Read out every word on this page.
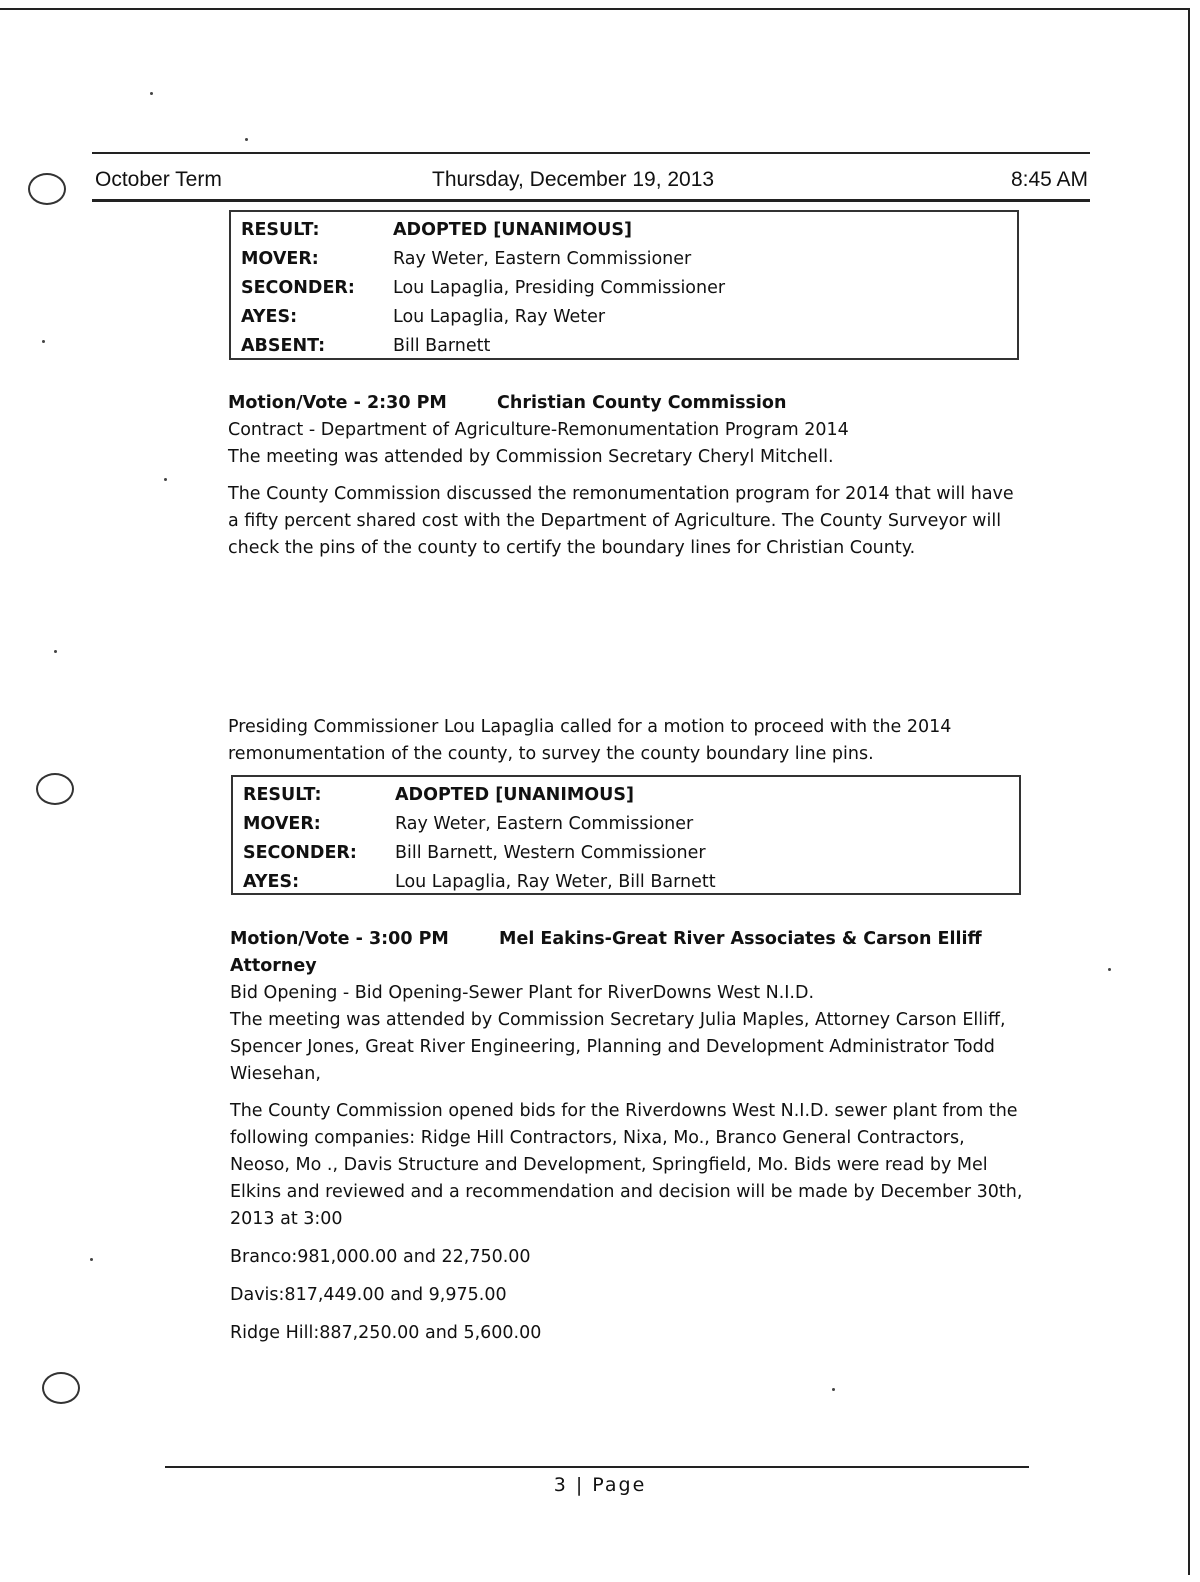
October Term	Thursday, December 19, 2013	8:45 AM
RESULT:	ADOPTED [UNANIMOUS]
MOVER:	Ray Weter, Eastern Commissioner
SECONDER: Lou Lapaglia, Presiding Commissioner
AYES:	Lou Lapaglia, Ray Weter
ABSENT:	Bill Barnett
Motion/Vote - 2:30 PM	Christian County Commission

Contract - Department of Agriculture-Remonumentation Program 2014

The meeting was attended by Commission Secretary Cheryl Mitchell.

The County Commission discussed the remonumentation program for 2014 that will have a fifty percent shared cost with the Department of Agriculture. The County Surveyor will check the pins of the county to certify the boundary lines for Christian County.

Presiding Commissioner Lou Lapaglia called for a motion to proceed with the 2014 remonumentation of the county, to survey the county boundary line pins.

RESULT:	ADOPTED [UNANIMOUS]
MOVER:	Ray Weter, Eastern Commissioner
SECONDER: Bill Barnett, Western Commissioner
AYES:	Lou Lapaglia, Ray Weter, Bill Barnett
Motion/Vote - 3:00 PM	Mel Eakins-Great River Associates & Carson Elliff
Attorney

Bid Opening - Bid Opening-Sewer Plant for RiverDowns West N.I.D.

The meeting was attended by Commission Secretary Julia Maples, Attorney Carson Elliff, Spencer Jones, Great River Engineering, Planning and Development Administrator Todd Wiesehan,

The County Commission opened bids for the Riverdowns West N.I.D. sewer plant from the following companies: Ridge Hill Contractors, Nixa, Mo., Branco General Contractors, Neoso, Mo ., Davis Structure and Development, Springfield, Mo. Bids were read by Mel Elkins and reviewed and a recommendation and decision will be made by December 30th, 2013 at 3:00

Branco:981,000.00 and 22,750.00

Davis:817,449.00 and 9,975.00

Ridge Hill:887,250.00 and 5,600.00

3 | Page
